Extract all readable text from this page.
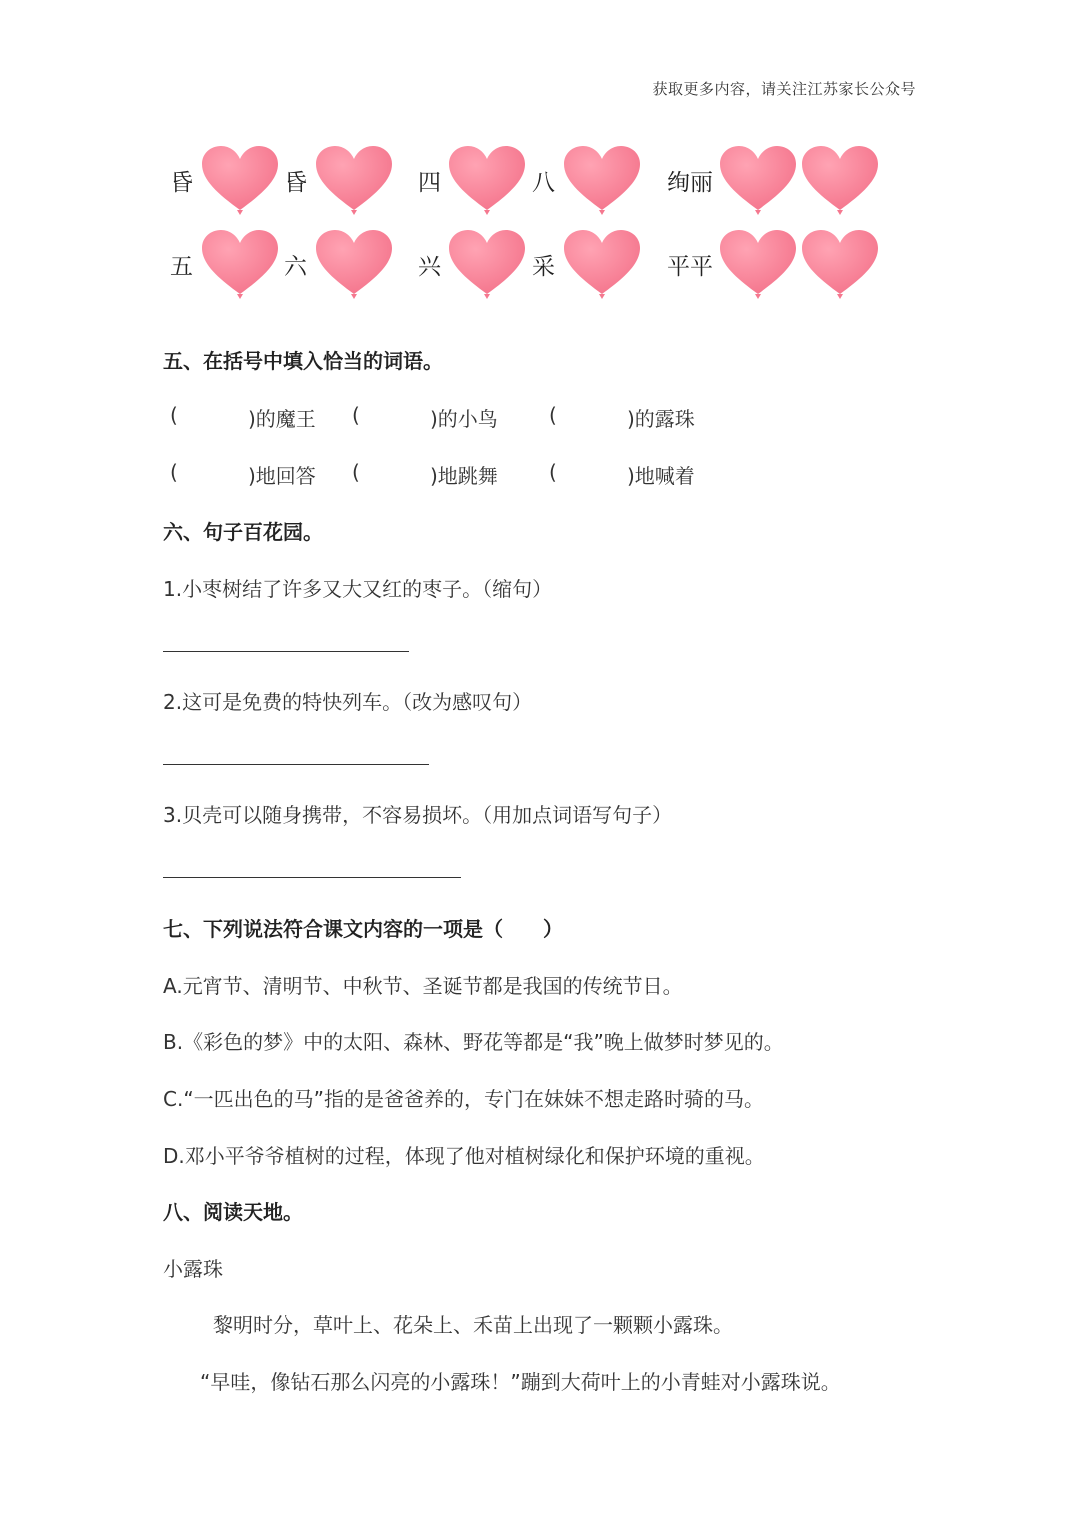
获取更多内容，请关注江苏家长公众号
昏	昏	四	八	绚丽
五	六	兴	采	平平
五、在括号中填入恰当的词语。
(	)的魔王 (	)的小鸟	(	)的露珠
(	)地回答 (	)地跳舞	(	)地喊着
六、句子百花园。
1.小枣树结了许多又大又红的枣子。（缩句）
2.这可是免费的特快列车。（改为感叹句）
3.贝壳可以随身携带，不容易损坏。（用加点词语写句子）
七、下列说法符合课文内容的一项是（　　）
A.元宵节、清明节、中秋节、圣诞节都是我国的传统节日。
B.《彩色的梦》中的太阳、森林、野花等都是“我”晚上做梦时梦见的。
C.“一匹出色的马”指的是爸爸养的，专门在妹妹不想走路时骑的马。
D.邓小平爷爷植树的过程，体现了他对植树绿化和保护环境的重视。
八、阅读天地。
小露珠
黎明时分，草叶上、花朵上、禾苗上出现了一颗颗小露珠。
“早哇，像钻石那么闪亮的小露珠！”蹦到大荷叶上的小青蛙对小露珠说。
